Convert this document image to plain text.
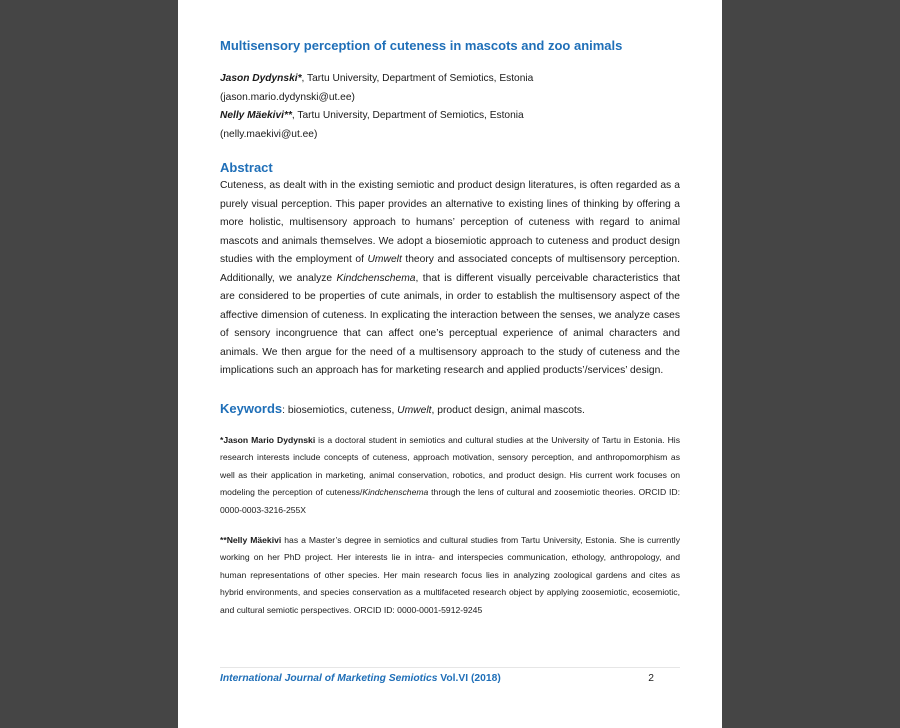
Multisensory perception of cuteness in mascots and zoo animals
Jason Dydynski*, Tartu University, Department of Semiotics, Estonia
(jason.mario.dydynski@ut.ee)
Nelly Mäekivi**, Tartu University, Department of Semiotics, Estonia
(nelly.maekivi@ut.ee)
Abstract
Cuteness, as dealt with in the existing semiotic and product design literatures, is often regarded as a purely visual perception. This paper provides an alternative to existing lines of thinking by offering a more holistic, multisensory approach to humans’ perception of cuteness with regard to animal mascots and animals themselves. We adopt a biosemiotic approach to cuteness and product design studies with the employment of Umwelt theory and associated concepts of multisensory perception. Additionally, we analyze Kindchenschema, that is different visually perceivable characteristics that are considered to be properties of cute animals, in order to establish the multisensory aspect of the affective dimension of cuteness. In explicating the interaction between the senses, we analyze cases of sensory incongruence that can affect one’s perceptual experience of animal characters and animals. We then argue for the need of a multisensory approach to the study of cuteness and the implications such an approach has for marketing research and applied products’/services’ design.
Keywords: biosemiotics, cuteness, Umwelt, product design, animal mascots.
*Jason Mario Dydynski is a doctoral student in semiotics and cultural studies at the University of Tartu in Estonia. His research interests include concepts of cuteness, approach motivation, sensory perception, and anthropomorphism as well as their application in marketing, animal conservation, robotics, and product design. His current work focuses on modeling the perception of cuteness/Kindchenschema through the lens of cultural and zoosemiotic theories. ORCID ID: 0000-0003-3216-255X
**Nelly Mäekivi has a Master’s degree in semiotics and cultural studies from Tartu University, Estonia. She is currently working on her PhD project. Her interests lie in intra- and interspecies communication, ethology, anthropology, and human representations of other species. Her main research focus lies in analyzing zoological gardens and cites as hybrid environments, and species conservation as a multifaceted research object by applying zoosemiotic, ecosemiotic, and cultural semiotic perspectives. ORCID ID: 0000-0001-5912-9245
International Journal of Marketing Semiotics Vol.VI (2018)	2
